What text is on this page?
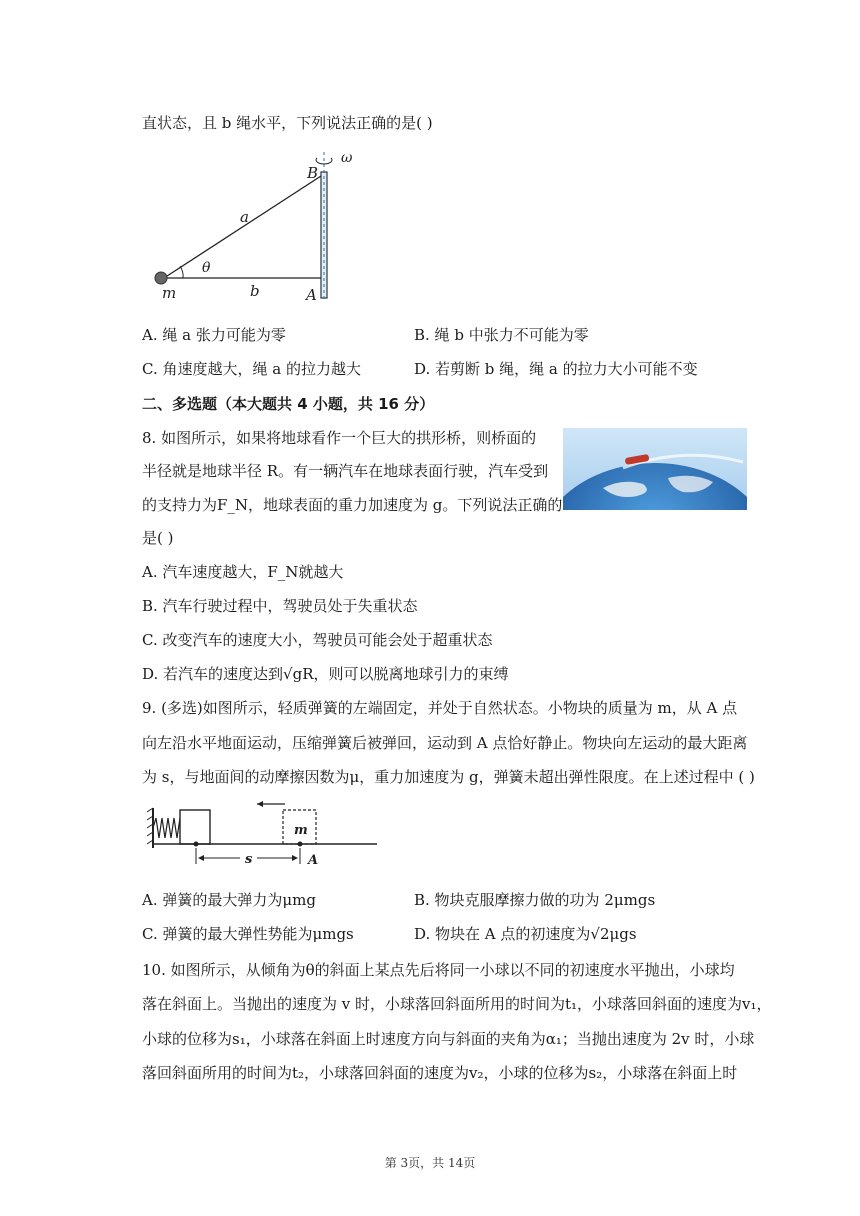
直状态，且 b 绳水平，下列说法正确的是( )
B
a
θ
m	b	A
ω
A. 绳 a 张力可能为零	B. 绳 b 中张力不可能为零
C. 角速度越大，绳 a 的拉力越大	D. 若剪断 b 绳，绳 a 的拉力大小可能不变
二、多选题（本大题共 4 小题，共 16 分）
8. 如图所示，如果将地球看作一个巨大的拱形桥，则桥面的
半径就是地球半径 R。有一辆汽车在地球表面行驶，汽车受到
的支持力为F_N，地球表面的重力加速度为 g。下列说法正确的
是( )
A. 汽车速度越大，F_N就越大
B. 汽车行驶过程中，驾驶员处于失重状态
C. 改变汽车的速度大小，驾驶员可能会处于超重状态
D. 若汽车的速度达到√gR，则可以脱离地球引力的束缚
9. (多选)如图所示，轻质弹簧的左端固定，并处于自然状态。小物块的质量为 m，从 A 点
向左沿水平地面运动，压缩弹簧后被弹回，运动到 A 点恰好静止。物块向左运动的最大距离
为 s，与地面间的动摩擦因数为μ，重力加速度为 g，弹簧未超出弹性限度。在上述过程中 ( )
m
s	A
A. 弹簧的最大弹力为μmg	B. 物块克服摩擦力做的功为 2μmgs
C. 弹簧的最大弹性势能为μmgs	D. 物块在 A 点的初速度为√2μgs
10. 如图所示，从倾角为θ的斜面上某点先后将同一小球以不同的初速度水平抛出，小球均
落在斜面上。当抛出的速度为 v 时，小球落回斜面所用的时间为t₁，小球落回斜面的速度为v₁，
小球的位移为s₁，小球落在斜面上时速度方向与斜面的夹角为α₁；当抛出速度为 2v 时，小球
落回斜面所用的时间为t₂，小球落回斜面的速度为v₂，小球的位移为s₂，小球落在斜面上时
第 3页，共 14页
